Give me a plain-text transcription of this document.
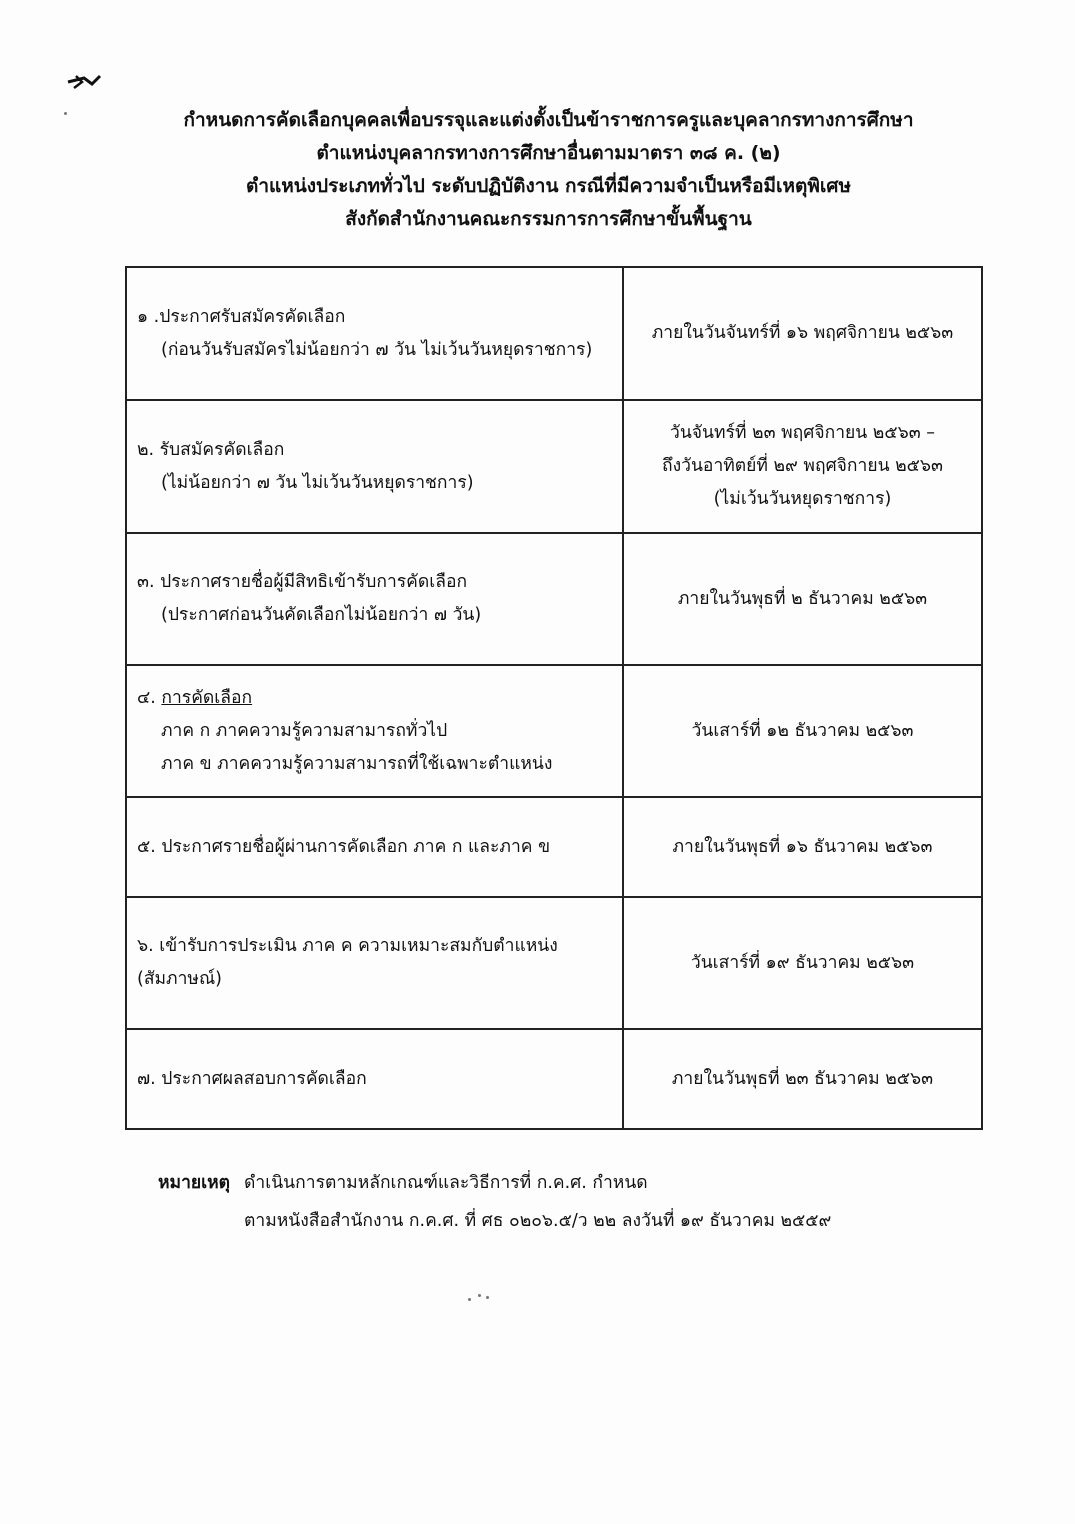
กำหนดการคัดเลือกบุคคลเพื่อบรรจุและแต่งตั้งเป็นข้าราชการครูและบุคลากรทางการศึกษา
ตำแหน่งบุคลากรทางการศึกษาอื่นตามมาตรา ๓๘ ค. (๒)
ตำแหน่งประเภททั่วไป ระดับปฏิบัติงาน กรณีที่มีความจำเป็นหรือมีเหตุพิเศษ
สังกัดสำนักงานคณะกรรมการการศึกษาขั้นพื้นฐาน
๑ .ประกาศรับสมัครคัดเลือก
(ก่อนวันรับสมัครไม่น้อยกว่า ๗ วัน ไม่เว้นวันหยุดราชการ)	ภายในวันจันทร์ที่ ๑๖ พฤศจิกายน ๒๕๖๓

๒. รับสมัครคัดเลือก
(ไม่น้อยกว่า ๗ วัน ไม่เว้นวันหยุดราชการ)	วันจันทร์ที่ ๒๓ พฤศจิกายน ๒๕๖๓ –
ถึงวันอาทิตย์ที่ ๒๙ พฤศจิกายน ๒๕๖๓
(ไม่เว้นวันหยุดราชการ)

๓. ประกาศรายชื่อผู้มีสิทธิเข้ารับการคัดเลือก
(ประกาศก่อนวันคัดเลือกไม่น้อยกว่า ๗ วัน)	ภายในวันพุธที่ ๒ ธันวาคม ๒๕๖๓

๔. การคัดเลือก
ภาค ก ภาคความรู้ความสามารถทั่วไป
ภาค ข ภาคความรู้ความสามารถที่ใช้เฉพาะตำแหน่ง	วันเสาร์ที่ ๑๒ ธันวาคม ๒๕๖๓

๕. ประกาศรายชื่อผู้ผ่านการคัดเลือก ภาค ก และภาค ข	ภายในวันพุธที่ ๑๖ ธันวาคม ๒๕๖๓

๖. เข้ารับการประเมิน ภาค ค ความเหมาะสมกับตำแหน่ง
(สัมภาษณ์)	วันเสาร์ที่ ๑๙ ธันวาคม ๒๕๖๓

๗. ประกาศผลสอบการคัดเลือก	ภายในวันพุธที่ ๒๓ ธันวาคม ๒๕๖๓
หมายเหตุ ดำเนินการตามหลักเกณฑ์และวิธีการที่ ก.ค.ศ. กำหนด
ตามหนังสือสำนักงาน ก.ค.ศ. ที่ ศธ ๐๒๐๖.๕/ว ๒๒ ลงวันที่ ๑๙ ธันวาคม ๒๕๕๙
